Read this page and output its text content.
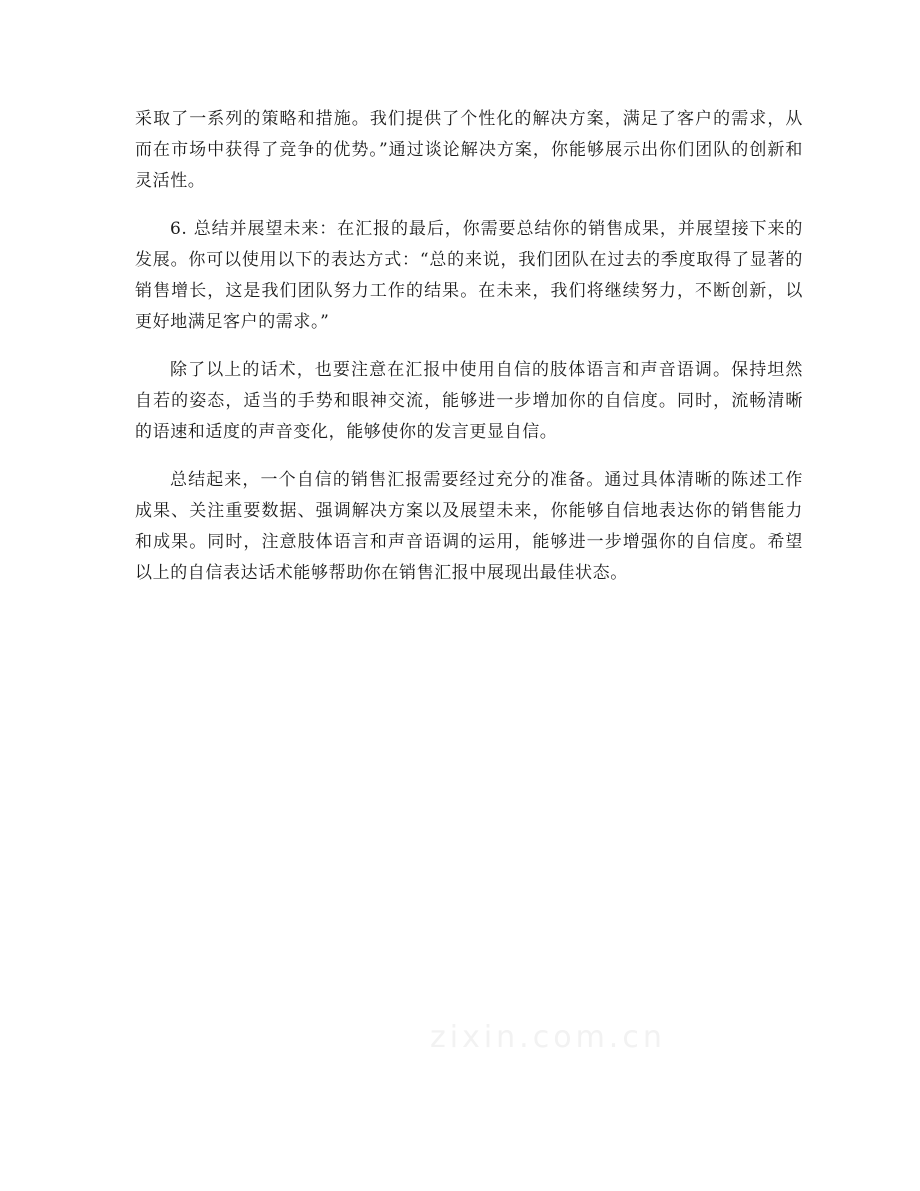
采取了一系列的策略和措施。我们提供了个性化的解决方案，满足了客户的需求，从而在市场中获得了竞争的优势。”通过谈论解决方案，你能够展示出你们团队的创新和灵活性。

6. 总结并展望未来：在汇报的最后，你需要总结你的销售成果，并展望接下来的发展。你可以使用以下的表达方式：“总的来说，我们团队在过去的季度取得了显著的销售增长，这是我们团队努力工作的结果。在未来，我们将继续努力，不断创新，以更好地满足客户的需求。”

除了以上的话术，也要注意在汇报中使用自信的肢体语言和声音语调。保持坦然自若的姿态，适当的手势和眼神交流，能够进一步增加你的自信度。同时，流畅清晰的语速和适度的声音变化，能够使你的发言更显自信。

总结起来，一个自信的销售汇报需要经过充分的准备。通过具体清晰的陈述工作成果、关注重要数据、强调解决方案以及展望未来，你能够自信地表达你的销售能力和成果。同时，注意肢体语言和声音语调的运用，能够进一步增强你的自信度。希望以上的自信表达话术能够帮助你在销售汇报中展现出最佳状态。

zixin.com.cn
